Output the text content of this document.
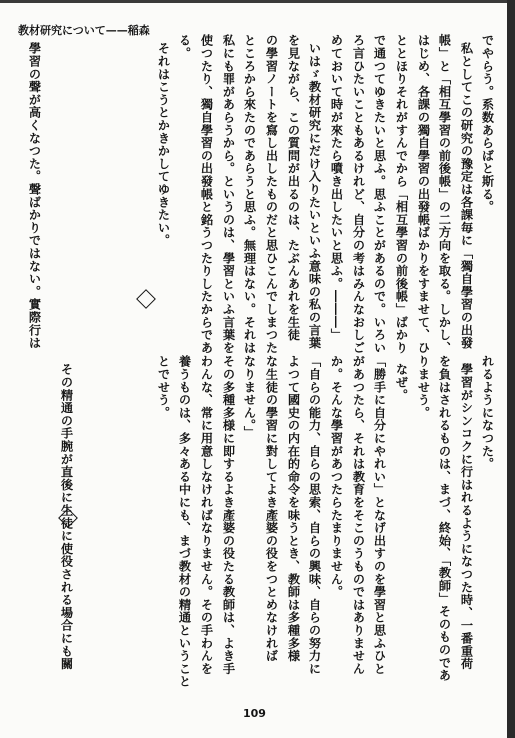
教材研究について——稲森
109
でやらう。系数あらばと斯る。
私としてこの研究の豫定は各課毎に「獨自學習の出發
帳」と「相互學習の前後帳」の二方向を取る。しかし、
はじめ、各課の獨自學習の出發帳ばかりをすませて、ひ
ととほりそれがすんでから「相互學習の前後帳」ばかり
で通つてゆきたいと思ふ。思ふことがあるので。いろい
ろ言ひたいこともあるけれど、自分の考はみんなおしご
めておいて時が來たら噴き出したいと思ふ。―――」
いはゞ教材研究にだけ入りたいといふ意味の私の言葉
を見ながら、この質問が出るのは、たぶんあれを生徒
の學習ノートを寫し出したものだと思ひこんでしまつた
ところから來たのであらうと思ふ。無理はない。それは
私にも罪があらうから。というのは、學習といふ言葉を
使つたり、獨自學習の出發帳と銘うつたりしたからであ
る。
それはこうとかきかしてゆきたい。
學習の聲が高くなつた。聲ばかりではない。實際行は
れるようになつた。
學習がシンコクに行はれるようになつた時、一番重荷
を負はされるものは、まづ、終始、「教師」そのものであ
りませう。
なぜ。
「勝手に自分にやれい」となげ出すのを學習と思ふひと
があつたら、それは教育をそこのうものではありません
か。そんな學習があつたらたまりません。
「自らの能力、自らの思索、自らの興味、自らの努力に
よつて國史の内在的命令を味うとき、教師は多種多様
な生徒の學習に對してよき產婆の役をつとめなければ
なりません。」
その多種多様に即するよき產婆の役たる教師は、よき手
わんな、常に用意しなければなりません。その手わんを
養うものは、多々ある中にも、まづ教材の精通ということ
とでせう。
その精通の手腕が直後に生徒に使役される場合にも關
